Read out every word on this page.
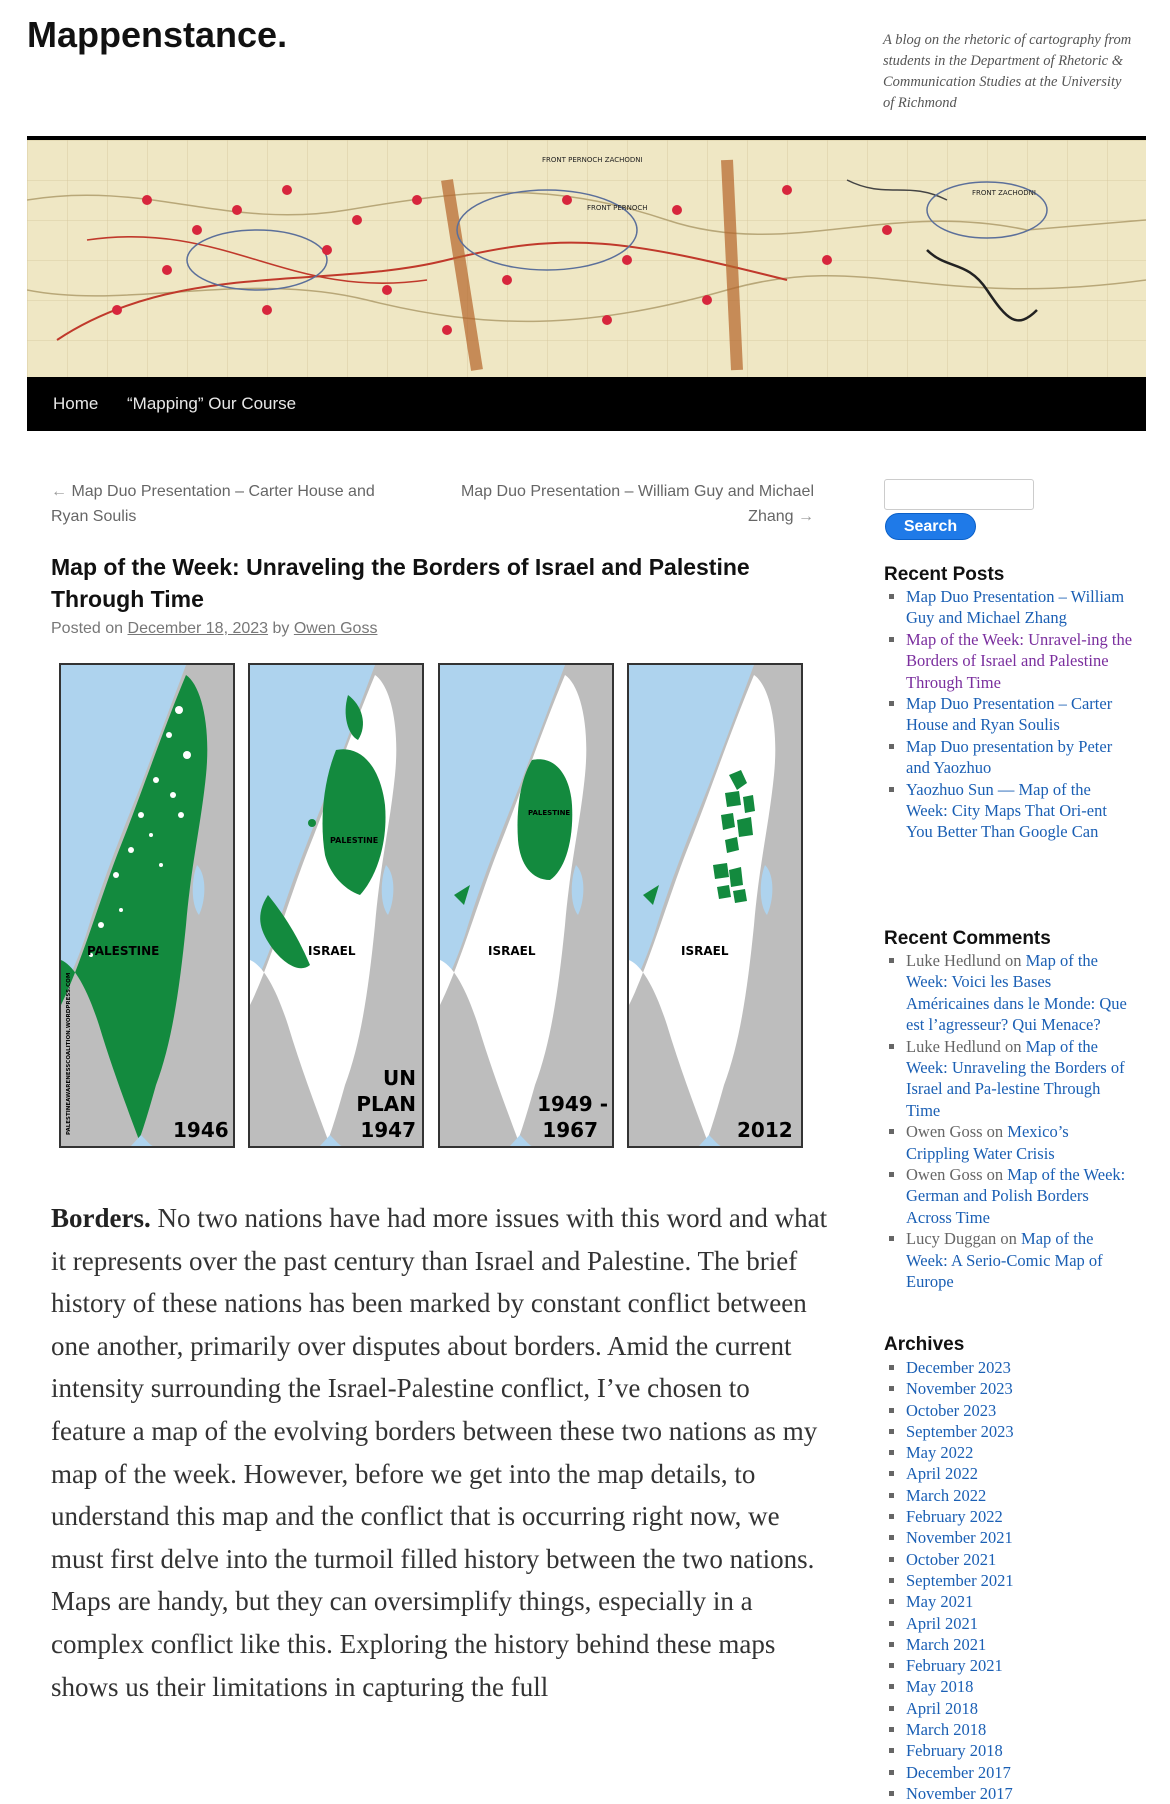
Mappenstance.	A blog on the rhetoric of cartography from students in the Department of Rhetoric & Communication Studies at the University of Richmond
FRONT PERNOCH ZACHODNI
FRONT PERNOCH
FRONT ZACHODNI
Home “Mapping” Our Course
← Map Duo Presentation – Carter House and Ryan Soulis
Map Duo Presentation – William Guy and Michael Zhang →
Map of the Week: Unraveling the Borders of Israel and Palestine Through Time
Posted on December 18, 2023 by Owen Goss
PALESTINE
1946
PALESTINEAWARENESSCOALITION.WORDPRESS.COM
PALESTINE
ISRAEL
UN
PLAN
1947
PALESTINE
ISRAEL
1949 -
1967
ISRAEL
2012
Borders. No two nations have had more issues with this word and what it represents over the past century than Israel and Palestine. The brief history of these nations has been marked by constant conflict between one another, primarily over disputes about borders. Amid the current intensity surrounding the Israel-Palestine conflict, I’ve chosen to feature a map of the evolving borders between these two nations as my map of the week. However, before we get into the map details, to understand this map and the conflict that is occurring right now, we must first delve into the turmoil filled history between the two nations. Maps are handy, but they can oversimplify things, especially in a complex conflict like this. Exploring the history behind these maps shows us their limitations in capturing the full
Search
Recent Posts
Map Duo Presentation – William Guy and Michael Zhang
Map of the Week: Unravel-ing the Borders of Israel and Palestine Through Time
Map Duo Presentation – Carter House and Ryan Soulis
Map Duo presentation by Peter and Yaozhuo
Yaozhuo Sun — Map of the Week: City Maps That Ori-ent You Better Than Google Can
Recent Comments
Luke Hedlund on Map of the Week: Voici les Bases Américaines dans le Monde: Que est l’agresseur? Qui Menace?
Luke Hedlund on Map of the Week: Unraveling the Borders of Israel and Pa-lestine Through Time
Owen Goss on Mexico’s Crippling Water Crisis
Owen Goss on Map of the Week: German and Polish Borders Across Time
Lucy Duggan on Map of the Week: A Serio-Comic Map of Europe
Archives
December 2023
November 2023
October 2023
September 2023
May 2022
April 2022
March 2022
February 2022
November 2021
October 2021
September 2021
May 2021
April 2021
March 2021
February 2021
May 2018
April 2018
March 2018
February 2018
December 2017
November 2017
